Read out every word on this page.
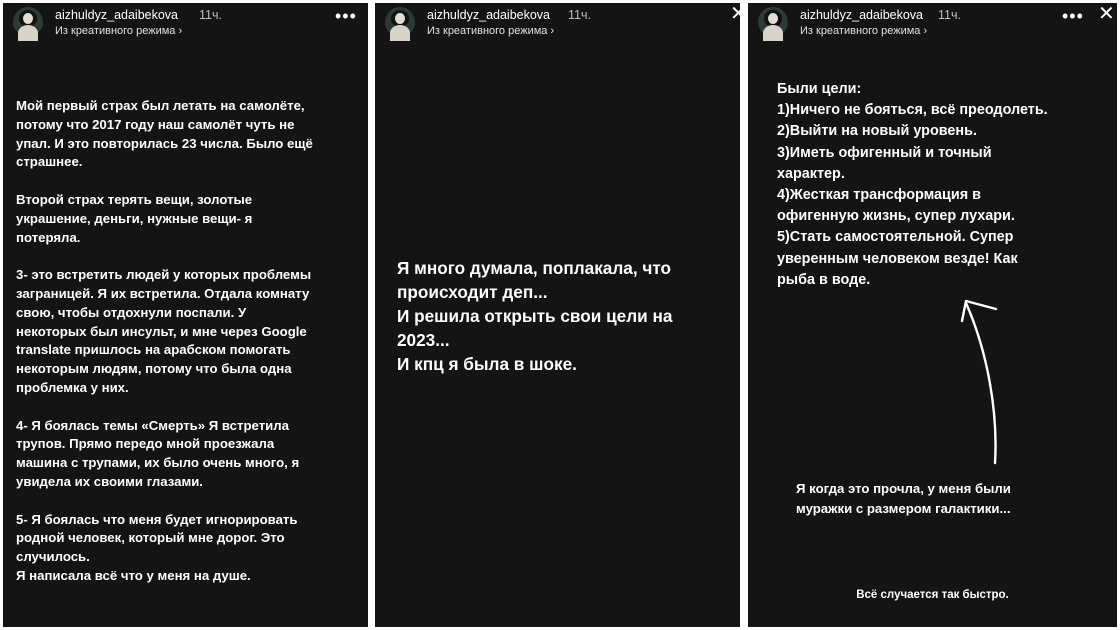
aizhuldyz_adaibekova 11ч.
Из креативного режима ›
•••
Мой первый страх был летать на самолёте,
потому что 2017 году наш самолёт чуть не
упал. И это повторилась 23 числа. Было ещё
страшнее.
Второй страх терять вещи, золотые
украшение, деньги, нужные вещи- я
потеряла.
3- это встретить людей у которых проблемы
заграницей. Я их встретила. Отдала комнату
свою, чтобы отдохнули поспали. У
некоторых был инсульт, и мне через Google
translate пришлось на арабском помогать
некоторым людям, потому что была одна
проблемка у них.
4- Я боялась темы «Смерть» Я встретила
трупов. Прямо передо мной проезжала
машина с трупами, их было очень много, я
увидела их своими глазами.
5- Я боялась что меня будет игнорировать
родной человек, который мне дорог. Это
случилось.
Я написала всё что у меня на душе.
aizhuldyz_adaibekova 11ч.
Из креативного режима ›
✕
Я много думала, поплакала, что
происходит деп...
И решила открыть свои цели на
2023...
И кпц я была в шоке.
aizhuldyz_adaibekova 11ч.
Из креативного режима ›
••• ✕
Были цели:
1)Ничего не бояться, всё преодолеть.
2)Выйти на новый уровень.
3)Иметь офигенный и точный
характер.
4)Жесткая трансформация в
офигенную жизнь, супер лухари.
5)Стать самостоятельной. Супер
уверенным человеком везде! Как
рыба в воде.
Я когда это прочла, у меня были
муражки с размером галактики...
Всё случается так быстро.
